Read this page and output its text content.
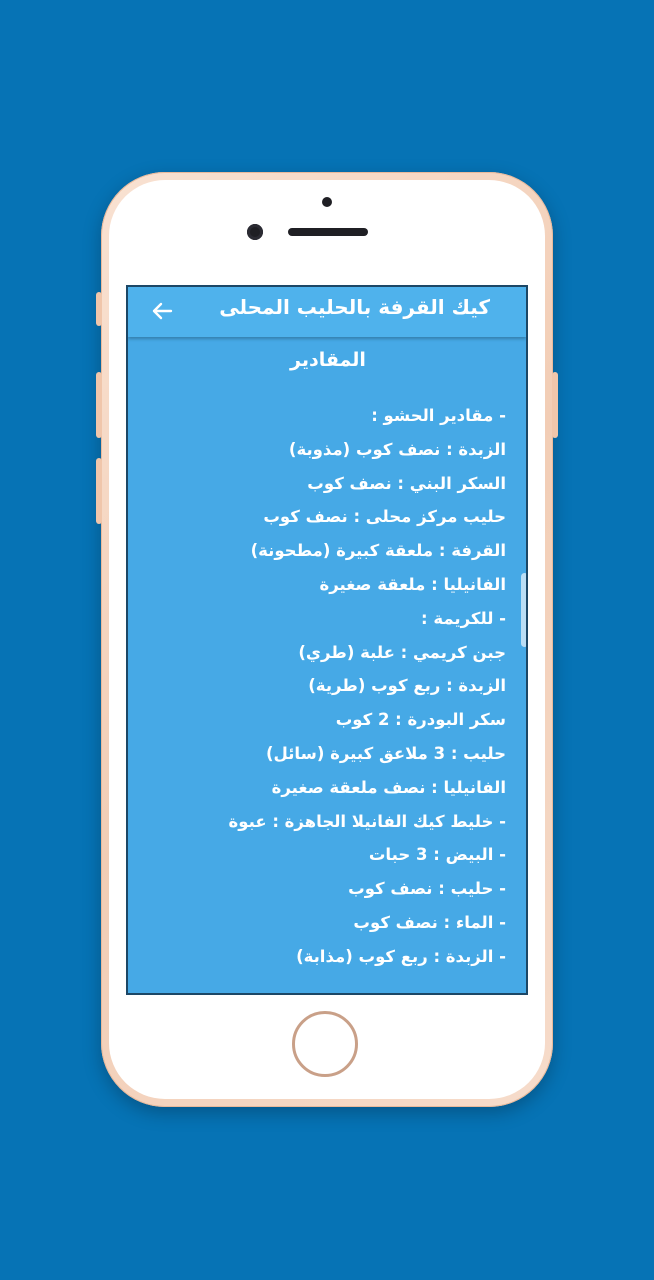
كيك القرفة بالحليب المحلى
المقادير
- مقادير الحشو :
الزبدة : نصف كوب (مذوبة)
السكر البني : نصف كوب
حليب مركز محلى : نصف كوب
القرفة : ملعقة كبيرة (مطحونة)
الفانيليا : ملعقة صغيرة
- للكريمة :
جبن كريمي : علبة (طري)
الزبدة : ربع كوب (طرية)
سكر البودرة : 2 كوب
حليب : 3 ملاعق كبيرة (سائل)
الفانيليا : نصف ملعقة صغيرة
- خليط كيك الفانيلا الجاهزة : عبوة
- البيض : 3 حبات
- حليب : نصف كوب
- الماء : نصف كوب
- الزبدة : ربع كوب (مذابة)
